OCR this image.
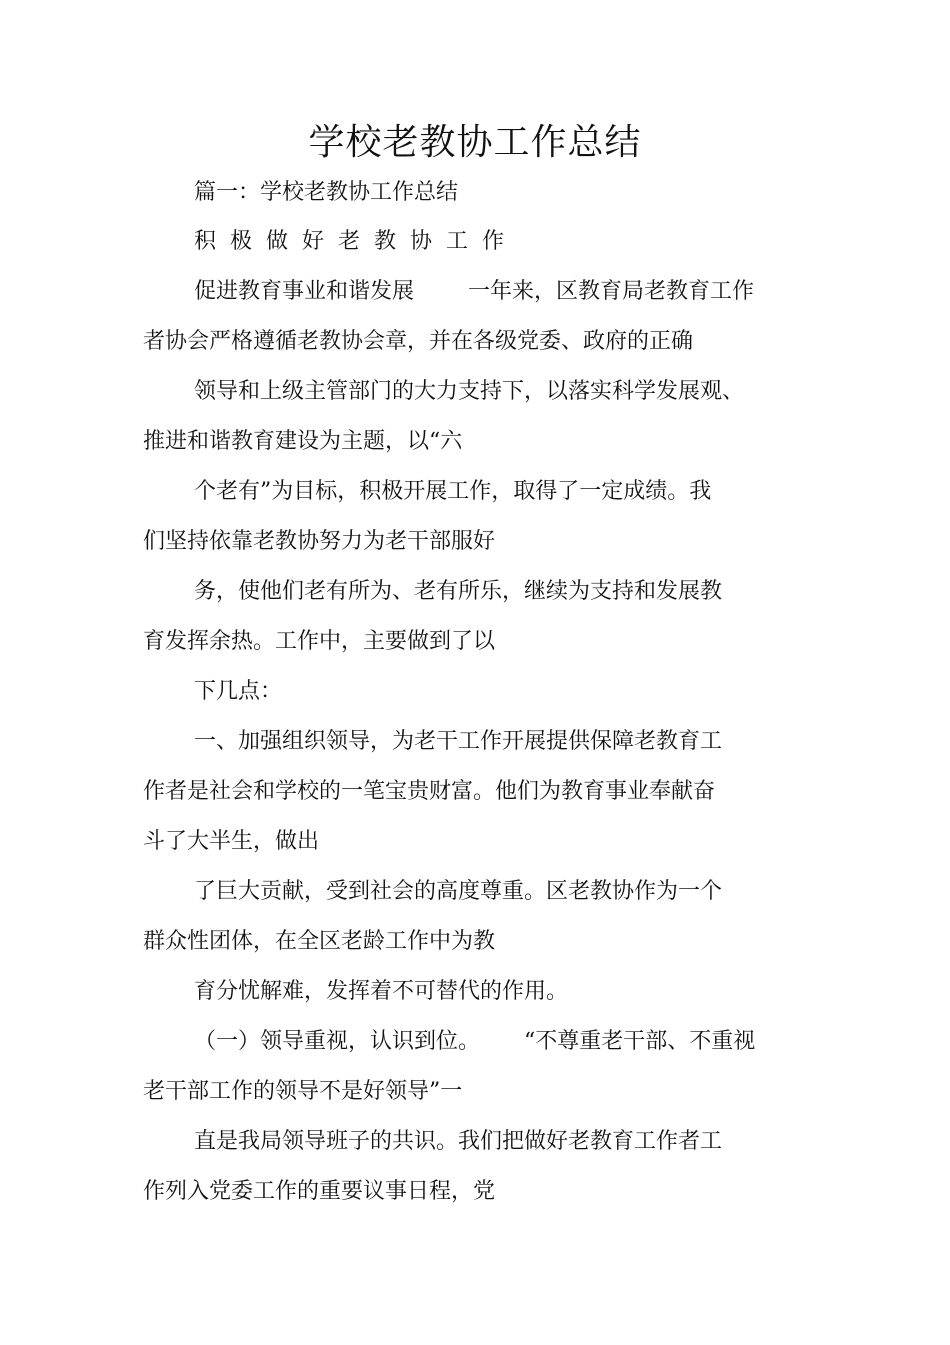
学校老教协工作总结
篇一：学校老教协工作总结
积极做好老教协工作
促进教育事业和谐发展 一年来，区教育局老教育工作
者协会严格遵循老教协会章，并在各级党委、政府的正确
领导和上级主管部门的大力支持下，以落实科学发展观、
推进和谐教育建设为主题，以“六
个老有”为目标，积极开展工作，取得了一定成绩。我
们坚持依靠老教协努力为老干部服好
务，使他们老有所为、老有所乐，继续为支持和发展教
育发挥余热。工作中，主要做到了以
下几点：
一、加强组织领导，为老干工作开展提供保障老教育工
作者是社会和学校的一笔宝贵财富。他们为教育事业奉献奋
斗了大半生，做出
了巨大贡献，受到社会的高度尊重。区老教协作为一个
群众性团体，在全区老龄工作中为教
育分忧解难，发挥着不可替代的作用。
（一）领导重视，认识到位。 “不尊重老干部、不重视
老干部工作的领导不是好领导”一
直是我局领导班子的共识。我们把做好老教育工作者工
作列入党委工作的重要议事日程，党
